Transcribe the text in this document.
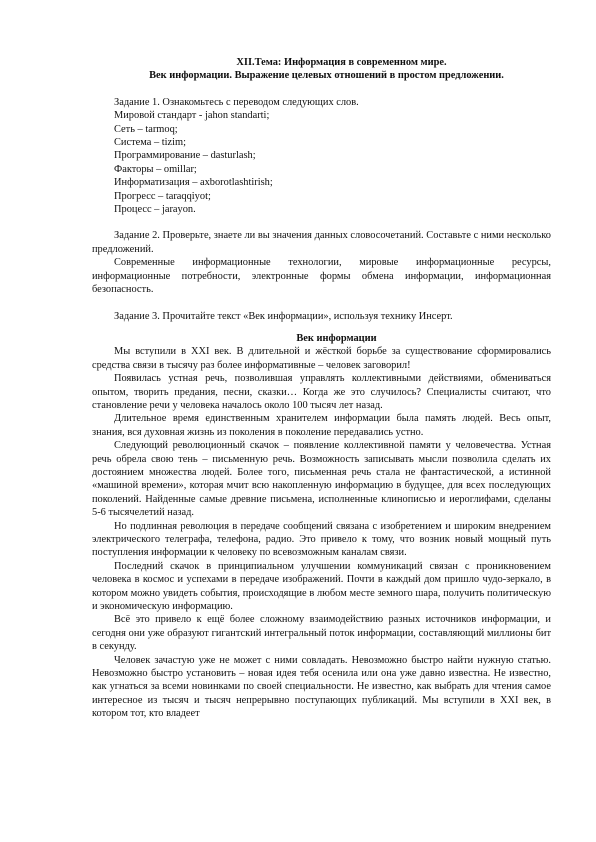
XII.Тема: Информация в современном мире.
Век информации. Выражение целевых отношений в простом предложении.

Задание 1. Ознакомьтесь с переводом следующих слов.

Мировой стандарт - jahon standarti;
Сеть – tarmoq;
Система – tizim;
Программирование – dasturlash;
Факторы – omillar;
Информатизация – axborotlashtirish;
Прогресс – taraqqiyot;
Процесс – jarayon.

Задание 2. Проверьте, знаете ли вы значения данных словосочетаний. Составьте с ними несколько предложений.

Современные информационные технологии, мировые информационные ресурсы, информационные потребности, электронные формы обмена информации, информационная безопасность.

Задание 3. Прочитайте текст «Век информации», используя технику Инсерт.

Век информации

Мы вступили в XXI век. В длительной и жёсткой борьбе за существование сформировались средства связи в тысячу раз более информативные – человек заговорил!

Появилась устная речь, позволившая управлять коллективными действиями, обмениваться опытом, творить предания, песни, сказки… Когда же это случилось? Специалисты считают, что становление речи у человека началось около 100 тысяч лет назад.

Длительное время единственным хранителем информации была память людей. Весь опыт, знания, вся духовная жизнь из поколения в поколение передавались устно.

Следующий революционный скачок – появление коллективной памяти у человечества. Устная речь обрела свою тень – письменную речь. Возможность записывать мысли позволила сделать их достоянием множества людей. Более того, письменная речь стала не фантастической, а истинной «машиной времени», которая мчит всю накопленную информацию в будущее, для всех последующих поколений. Найденные самые древние письмена, исполненные клинописью и иероглифами, сделаны 5-6 тысячелетий назад.

Но подлинная революция в передаче сообщений связана с изобретением и широким внедрением электрического телеграфа, телефона, радио. Это привело к тому, что возник новый мощный путь поступления информации к человеку по всевозможным каналам связи.

Последний скачок в принципиальном улучшении коммуникаций связан с проникновением человека в космос и успехами в передаче изображений. Почти в каждый дом пришло чудо-зеркало, в котором можно увидеть события, происходящие в любом месте земного шара, получить политическую и экономическую информацию.

Всё это привело к ещё более сложному взаимодействию разных источников информации, и сегодня они уже образуют гигантский интегральный поток информации, составляющий миллионы бит в секунду.

Человек зачастую уже не может с ними совладать. Невозможно быстро найти нужную статью. Невозможно быстро установить – новая идея тебя осенила или она уже давно известна. Не известно, как угнаться за всеми новинками по своей специальности. Не известно, как выбрать для чтения самое интересное из тысяч и тысяч непрерывно поступающих публикаций. Мы вступили в XXI век, в котором тот, кто владеет
